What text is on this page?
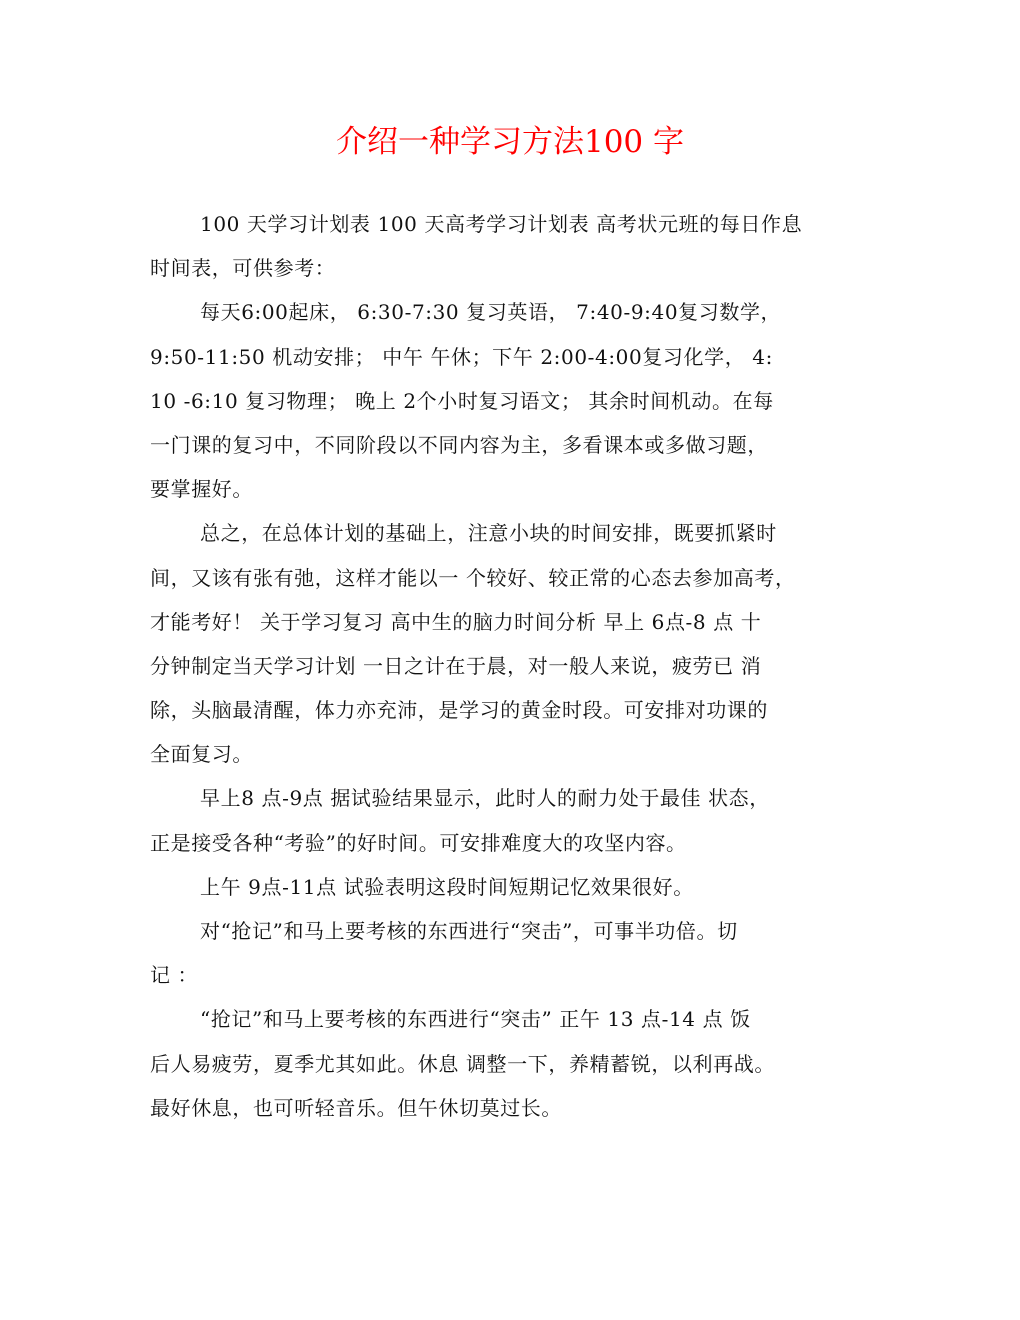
介绍一种学习方法100 字
100 天学习计划表 100 天高考学习计划表 高考状元班的每日作息
时间表，可供参考：
每天6:00起床， 6:30-7:30 复习英语， 7:40-9:40复习数学，
9:50-11:50 机动安排； 中午 午休；下午 2:00-4:00复习化学， 4:
10 -6:10 复习物理； 晚上 2个小时复习语文； 其余时间机动。在每
一门课的复习中，不同阶段以不同内容为主，多看课本或多做习题，
要掌握好。
总之，在总体计划的基础上，注意小块的时间安排，既要抓紧时
间，又该有张有弛，这样才能以一 个较好、较正常的心态去参加高考，
才能考好！ 关于学习复习 高中生的脑力时间分析 早上 6点-8 点 十
分钟制定当天学习计划 一日之计在于晨，对一般人来说，疲劳已 消
除，头脑最清醒，体力亦充沛，是学习的黄金时段。可安排对功课的
全面复习。
早上8 点-9点 据试验结果显示，此时人的耐力处于最佳 状态，
正是接受各种“考验”的好时间。可安排难度大的攻坚内容。
上午 9点-11点 试验表明这段时间短期记忆效果很好。
对“抢记”和马上要考核的东西进行“突击”，可事半功倍。切
记 ：
“抢记”和马上要考核的东西进行“突击” 正午 13 点-14 点 饭
后人易疲劳，夏季尤其如此。休息 调整一下，养精蓄锐，以利再战。
最好休息，也可听轻音乐。但午休切莫过长。
